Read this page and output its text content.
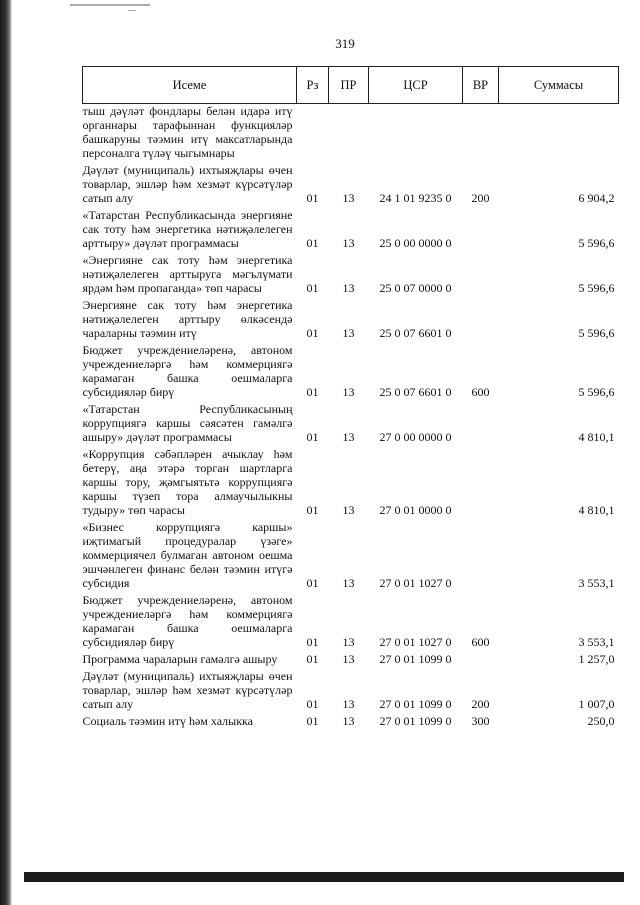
319
Исеме	Рз	ПР	ЦСР	ВР	Суммасы
тыш дәүләт фондлары белән идарә итү органнары тарафыннан функцияләр башкаруны тәэмин итү максатларында персоналга түләү чыгымнары					
Дәүләт (муниципаль) ихтыяҗлары өчен товарлар, эшләр һәм хезмәт күрсәтүләр сатып алу	01	13	24 1 01 9235 0	200	6 904,2
«Татарстан Республикасында энергияне сак тоту һәм энергетика нәтиҗәлелеген арттыру» дәүләт программасы	01	13	25 0 00 0000 0		5 596,6
«Энергияне сак тоту һәм энергетика нәтиҗәлелеген арттыруга мәгълүмати ярдәм һәм пропаганда» төп чарасы	01	13	25 0 07 0000 0		5 596,6
Энергияне сак тоту һәм энергетика нәтиҗәлелеген арттыру өлкәсендә чараларны тәэмин итү	01	13	25 0 07 6601 0		5 596,6
Бюджет учреждениеләренә, автоном учреждениеләргә һәм коммерциягә карамаган башка оешмаларга субсидияләр бирү	01	13	25 0 07 6601 0	600	5 596,6
«Татарстан Республикасының коррупциягә каршы сәясәтен гамәлгә ашыру» дәүләт программасы	01	13	27 0 00 0000 0		4 810,1
«Коррупция сәбәпләрен ачыклау һәм бетерү, аңа этәрә торган шартларга каршы тору, җәмгыятьтә коррупциягә каршы түзеп тора алмаучылыкны тудыру» төп чарасы	01	13	27 0 01 0000 0		4 810,1
«Бизнес коррупциягә каршы» иҗтимагый процедуралар үзәге» коммерциячел булмаган автоном оешма эшчәнлеген финанс белән тәэмин итүгә субсидия	01	13	27 0 01 1027 0		3 553,1
Бюджет учреждениеләренә, автоном учреждениеләргә һәм коммерциягә карамаган башка оешмаларга субсидияләр бирү	01	13	27 0 01 1027 0	600	3 553,1
Программа чараларын гамәлгә ашыру	01	13	27 0 01 1099 0		1 257,0
Дәүләт (муниципаль) ихтыяҗлары өчен товарлар, эшләр һәм хезмәт күрсәтүләр сатып алу	01	13	27 0 01 1099 0	200	1 007,0
Социаль тәэмин итү һәм халыкка	01	13	27 0 01 1099 0	300	250,0
